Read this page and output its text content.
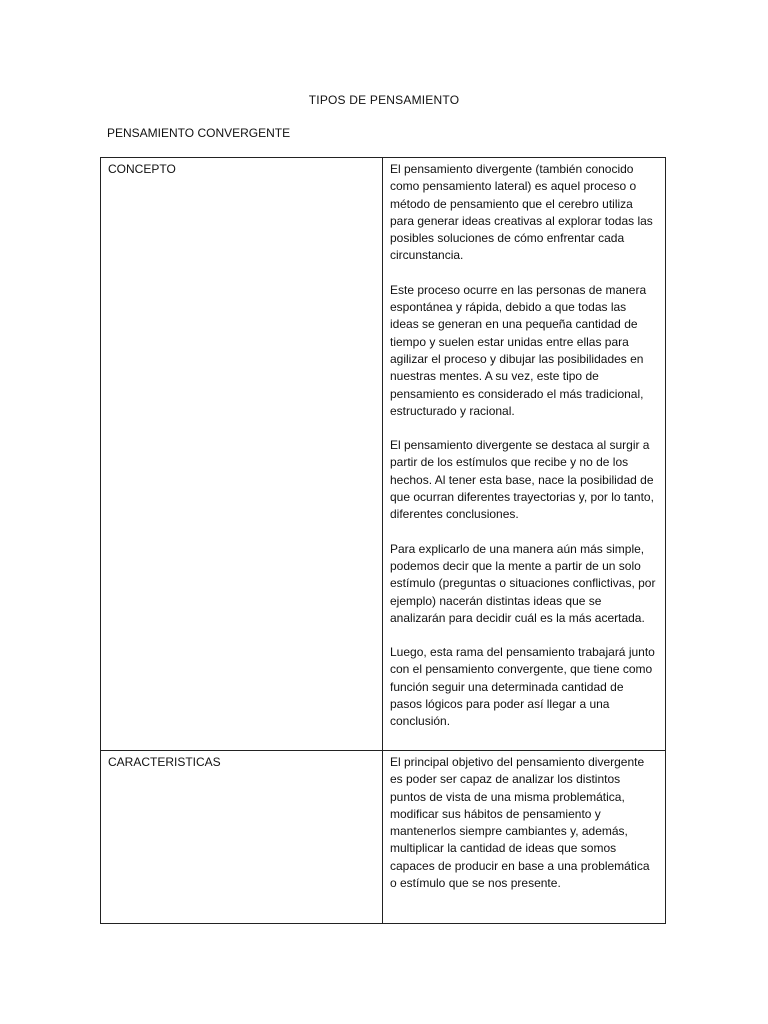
TIPOS DE PENSAMIENTO
PENSAMIENTO CONVERGENTE
CONCEPTO	El pensamiento divergente (también conocido como pensamiento lateral) es aquel proceso o método de pensamiento que el cerebro utiliza para generar ideas creativas al explorar todas las posibles soluciones de cómo enfrentar cada circunstancia.

Este proceso ocurre en las personas de manera espontánea y rápida, debido a que todas las ideas se generan en una pequeña cantidad de tiempo y suelen estar unidas entre ellas para agilizar el proceso y dibujar las posibilidades en nuestras mentes. A su vez, este tipo de pensamiento es considerado el más tradicional, estructurado y racional.

El pensamiento divergente se destaca al surgir a partir de los estímulos que recibe y no de los hechos. Al tener esta base, nace la posibilidad de que ocurran diferentes trayectorias y, por lo tanto, diferentes conclusiones.

Para explicarlo de una manera aún más simple, podemos decir que la mente a partir de un solo estímulo (preguntas o situaciones conflictivas, por ejemplo) nacerán distintas ideas que se analizarán para decidir cuál es la más acertada.

Luego, esta rama del pensamiento trabajará junto con el pensamiento convergente, que tiene como función seguir una determinada cantidad de pasos lógicos para poder así llegar a una conclusión.

CARACTERISTICAS	El principal objetivo del pensamiento divergente es poder ser capaz de analizar los distintos puntos de vista de una misma problemática, modificar sus hábitos de pensamiento y mantenerlos siempre cambiantes y, además, multiplicar la cantidad de ideas que somos capaces de producir en base a una problemática o estímulo que se nos presente.
